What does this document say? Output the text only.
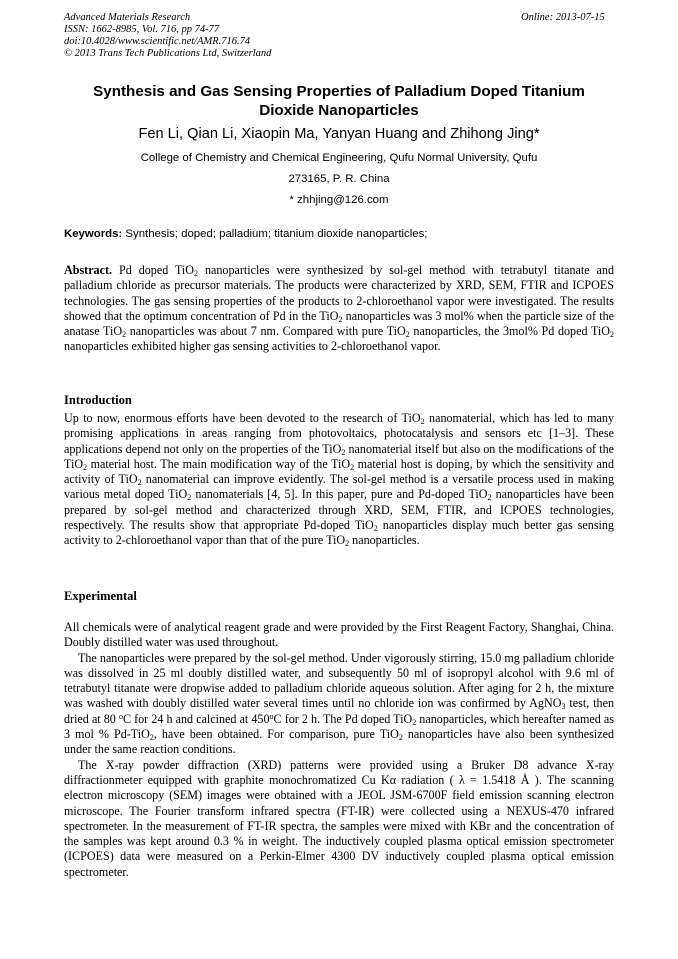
Advanced Materials Research
ISSN: 1662-8985, Vol. 716, pp 74-77
doi:10.4028/www.scientific.net/AMR.716.74
© 2013 Trans Tech Publications Ltd, Switzerland
Online: 2013-07-15
Synthesis and Gas Sensing Properties of Palladium Doped Titanium
Dioxide Nanoparticles
Fen Li, Qian Li, Xiaopin Ma, Yanyan Huang and Zhihong Jing*
College of Chemistry and Chemical Engineering, Qufu Normal University, Qufu
273165, P. R. China
* zhhjing@126.com
Keywords: Synthesis; doped; palladium; titanium dioxide nanoparticles;

Abstract. Pd doped TiO$_2$ nanoparticles were synthesized by sol-gel method with tetrabutyl titanate and palladium chloride as precursor materials. The products were characterized by XRD, SEM, FTIR and ICPOES technologies. The gas sensing properties of the products to 2-chloroethanol vapor were investigated. The results showed that the optimum concentration of Pd in the TiO$_2$ nanoparticles was 3 mol% when the particle size of the anatase TiO$_2$ nanoparticles was about 7 nm. Compared with pure TiO$_2$ nanoparticles, the 3mol% Pd doped TiO$_2$ nanoparticles exhibited higher gas sensing activities to 2-chloroethanol vapor.

Introduction

Up to now, enormous efforts have been devoted to the research of TiO$_2$ nanomaterial, which has led to many promising applications in areas ranging from photovoltaics, photocatalysis and sensors etc [1–3]. These applications depend not only on the properties of the TiO$_2$ nanomaterial itself but also on the modifications of the TiO$_2$ material host. The main modification way of the TiO$_2$ material host is doping, by which the sensitivity and activity of TiO$_2$ nanomaterial can improve evidently. The sol-gel method is a versatile process used in making various metal doped TiO$_2$ nanomaterials [4, 5]. In this paper, pure and Pd-doped TiO$_2$ nanoparticles have been prepared by sol-gel method and characterized through XRD, SEM, FTIR, and ICPOES technologies, respectively. The results show that appropriate Pd-doped TiO$_2$ nanoparticles display much better gas sensing activity to 2-chloroethanol vapor than that of the pure TiO$_2$ nanoparticles.

Experimental

All chemicals were of analytical reagent grade and were provided by the First Reagent Factory, Shanghai, China. Doubly distilled water was used throughout.

The nanoparticles were prepared by the sol-gel method. Under vigorously stirring, 15.0 mg palladium chloride was dissolved in 25 ml doubly distilled water, and subsequently 50 ml of isopropyl alcohol with 9.6 ml of tetrabutyl titanate were dropwise added to palladium chloride aqueous solution. After aging for 2 h, the mixture was washed with doubly distilled water several times until no chloride ion was confirmed by AgNO$_3$ test, then dried at 80 $^o$C for 24 h and calcined at 450$^o$C for 2 h. The Pd doped TiO$_2$ nanoparticles, which hereafter named as 3 mol % Pd-TiO$_2$, have been obtained. For comparison, pure TiO$_2$ nanoparticles have also been synthesized under the same reaction conditions.

The X-ray powder diffraction (XRD) patterns were provided using a Bruker D8 advance X-ray diffractionmeter equipped with graphite monochromatized Cu Kα radiation ( λ = 1.5418 Å ). The scanning electron microscopy (SEM) images were obtained with a JEOL JSM-6700F field emission scanning electron microscope. The Fourier transform infrared spectra (FT-IR) were collected using a NEXUS-470 infrared spectrometer. In the measurement of FT-IR spectra, the samples were mixed with KBr and the concentration of the samples was kept around 0.3 % in weight. The inductively coupled plasma optical emission spectrometer (ICPOES) data were measured on a Perkin-Elmer 4300 DV inductively coupled plasma optical emission spectrometer.
